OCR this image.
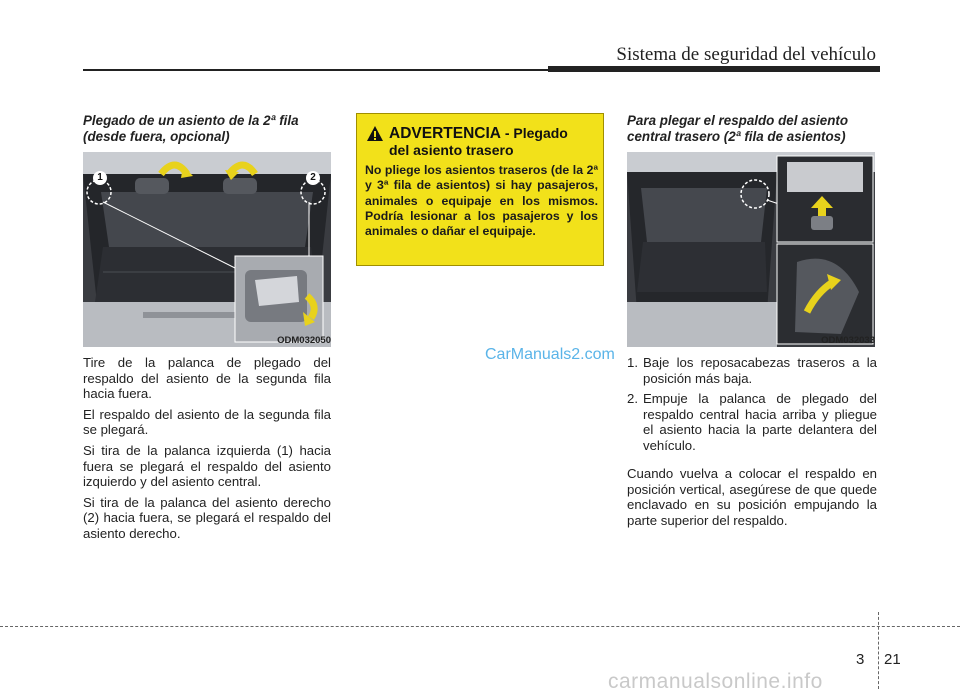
Sistema de seguridad del vehículo
Plegado de un asiento de la 2ª fila
(desde fuera, opcional)
1	2
ODM032050

Tire de la palanca de plegado del respaldo del asiento de la segunda fila hacia fuera.

El respaldo del asiento de la segunda fila se plegará.

Si tira de la palanca izquierda (1) hacia fuera se plegará el respaldo del asiento izquierdo y del asiento central.

Si tira de la palanca del asiento derecho (2) hacia fuera, se plegará el respaldo del asiento derecho.

ADVERTENCIA - Plegado
del asiento trasero
No pliege los asientos traseros (de la 2ª y 3ª fila de asientos) si hay pasajeros, animales o equipaje en los mismos. Podría lesionar a los pasajeros y los animales o dañar el equipaje.
CarManuals2.com
Para plegar el respaldo del asiento
central trasero (2ª fila de asientos)
ODM032033
1. Baje los reposacabezas traseros a la posición más baja.
2. Empuje la palanca de plegado del respaldo central hacia arriba y pliegue el asiento hacia la parte delantera del vehículo.

Cuando vuelva a colocar el respaldo en posición vertical, asegúrese de que quede enclavado en su posición empujando la parte superior del respaldo.

3 21
carmanualsonline.info
